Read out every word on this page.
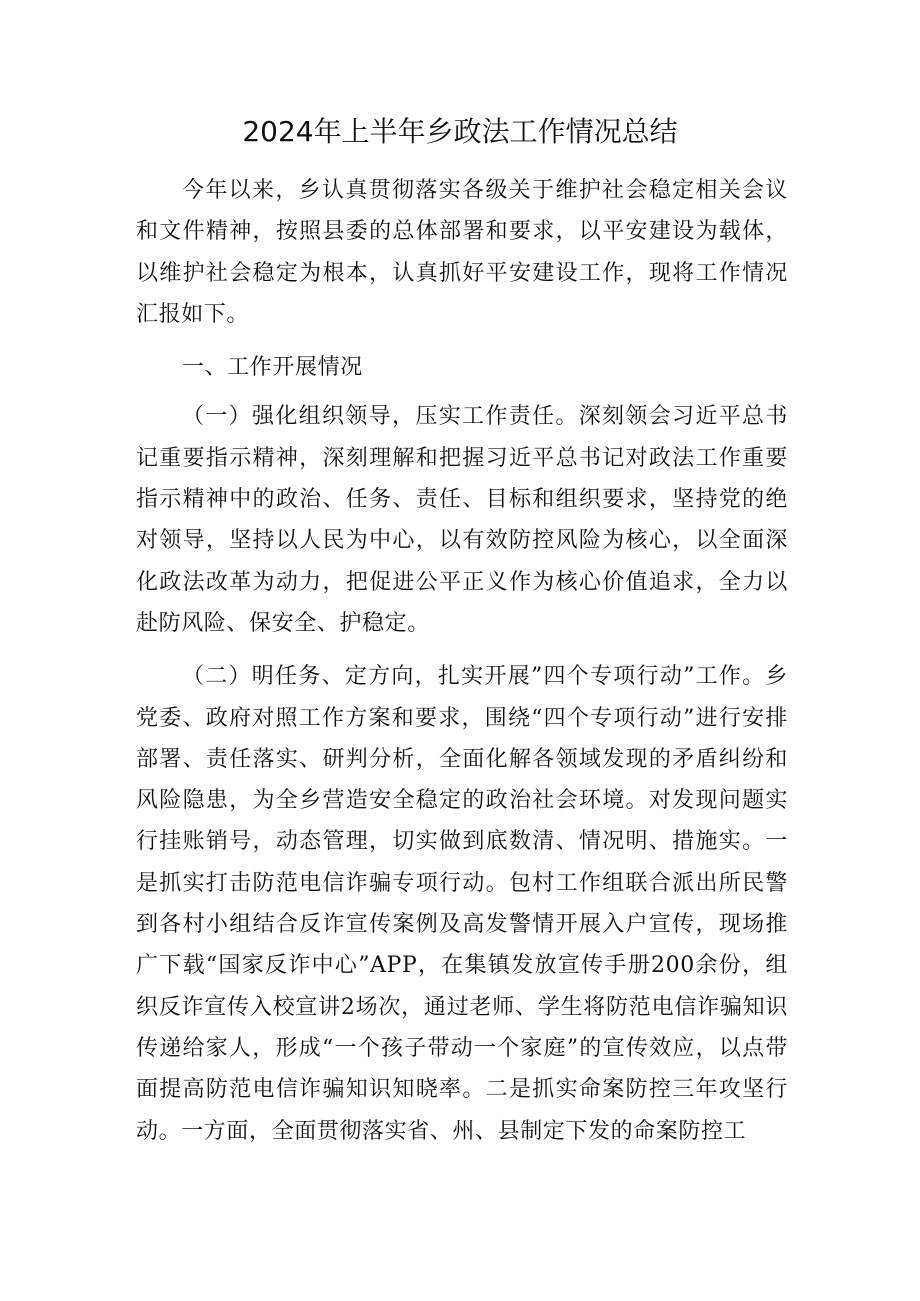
2024年上半年乡政法工作情况总结

今年以来，乡认真贯彻落实各级关于维护社会稳定相关会议和文件精神，按照县委的总体部署和要求，以平安建设为载体，以维护社会稳定为根本，认真抓好平安建设工作，现将工作情况汇报如下。

一、工作开展情况

（一）强化组织领导，压实工作责任。深刻领会习近平总书记重要指示精神，深刻理解和把握习近平总书记对政法工作重要指示精神中的政治、任务、责任、目标和组织要求，坚持党的绝对领导，坚持以人民为中心，以有效防控风险为核心，以全面深化政法改革为动力，把促进公平正义作为核心价值追求，全力以赴防风险、保安全、护稳定。

（二）明任务、定方向，扎实开展”四个专项行动”工作。乡党委、政府对照工作方案和要求，围绕“四个专项行动”进行安排部署、责任落实、研判分析，全面化解各领域发现的矛盾纠纷和风险隐患，为全乡营造安全稳定的政治社会环境。对发现问题实行挂账销号，动态管理，切实做到底数清、情况明、措施实。一是抓实打击防范电信诈骗专项行动。包村工作组联合派出所民警到各村小组结合反诈宣传案例及高发警情开展入户宣传，现场推广下载“国家反诈中心”APP，在集镇发放宣传手册200余份，组织反诈宣传入校宣讲2场次，通过老师、学生将防范电信诈骗知识传递给家人，形成“一个孩子带动一个家庭”的宣传效应，以点带面提高防范电信诈骗知识知晓率。二是抓实命案防控三年攻坚行动。一方面，全面贯彻落实省、州、县制定下发的命案防控工
